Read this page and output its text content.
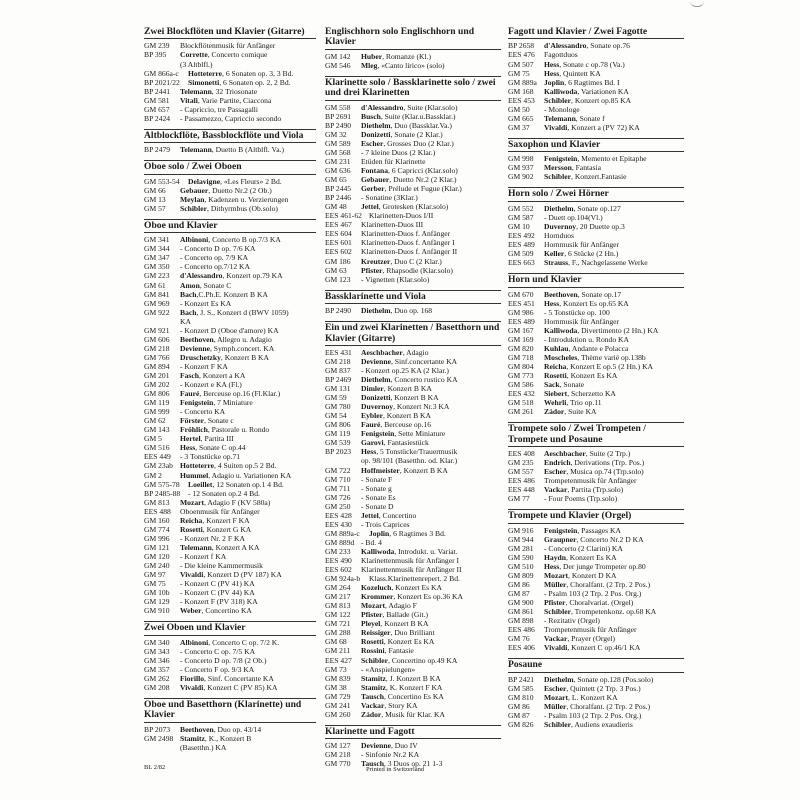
Zwei Blockflöten und Klavier (Gitarre)
GM 239	Blockflötenmusik für Anfänger
BP 395	Corrette, Concerto comique
(3 Altblfl.)
GM 866a-c	Hotteterre, 6 Sonaten op. 3, 3 Bd.
BP 2021/22	Simonetti, 6 Sonaten op. 2, 2 Bd.
BP 2441	Telemann, 32 Triosonate
GM 581	Vitali, Varie Partite, Ciaccona
GM 657	- Capriccio, tre Passagalli
BP 2424	- Passamezzo, Capriccio secondo
Altblockflöte, Bassblockflöte und Viola
BP 2479	Telemann, Duetto B (Altblfl. Va.)
Oboe solo / Zwei Oboen
GM 553-54	Delavigne, «Les Fleurs» 2 Bd.
GM 66	Gebauer, Duetto Nr.2 (2 Ob.)
GM 13	Meylan, Kadenzen u. Verzierungen
GM 57	Schibler, Dithyrmbus (Ob.solo)
Oboe und Klavier
GM 341	Albinoni, Concerto B op.7/3 KA
GM 344	- Concerto D op. 7/6 KA
GM 347	- Concerto op. 7/9 KA
GM 350	- Concerto op.7/12 KA
GM 223	d'Alessandro, Konzert op.79 KA
GM 61	Amon, Sonate C
GM 841	Bach,C.Ph.E. Konzert B KA
GM 969	- Konzert Es KA
GM 922	Bach, J. S., Konzert d (BWV 1059)
KA
GM 921	- Konzert D (Oboe d'amore) KA
GM 606	Beethoven, Allegro u. Adagio
GM 218	Devienne, Symph.concert. KA
GM 766	Druschetzky, Konzert B KA
GM 894	- Konzert F KA
GM 201	Fasch, Konzert a KA
GM 202	- Konzert e KA (Fl.)
GM 806	Fauré, Berceuse op.16 (Fl.Klar.)
GM 119	Fenigstein, 7 Miniature
GM 999	- Concerto KA
GM 62	Förster, Sonate c
GM 143	Fröhlich, Pastorale u. Rondo
GM 5	Hertel, Partita III
GM 516	Hess, Sonate C op.44
EES 449	- 3 Tonstücke op.71
GM 23ab Hotteterre, 4 Suiten op.5 2 Bd.
GM 2	Hummel, Adagio u. Variationen KA
GM 575-78	Loeillet, 12 Sonaten op.1 4 Bd.
BP 2485-88	- 12 Sonaten op.2 4 Bd.
GM 813	Mozart, Adagio F (KV 580a)
EES 488	Oboenmusik für Anfänger
GM 160	Reicha, Konzert F KA
GM 774	Rosetti, Konzert G KA
GM 996	- Konzert Nr. 2 F KA
GM 121	Telemann, Konzert A KA
GM 120	- Konzert f KA
GM 240	- Die kleine Kammermusik
GM 97	Vivaldi, Konzert D (PV 187) KA
GM 75	- Konzert C (PV 41) KA
GM 10b	- Konzert C (PV 44) KA
GM 129	- Konzert F (PV 318) KA
GM 910	Weber, Concertino KA
Zwei Oboen und Klavier
GM 340	Albinoni, Concerto C op. 7/2 K.
GM 343	- Concerto C op. 7/5 KA
GM 346	- Concerto D op. 7/8 (2 Ob.)
GM 357	- Concerto F op. 9/3 KA
GM 262	Fiorillo, Sinf. Concertante KA
GM 208	Vivaldi, Konzert C (PV 85) KA
Oboe und Basetthorn (Klarinette) und Klavier
BP 2073	Beethoven, Duo op. 43/14
GM 2498 Stamitz, K., Konzert B
(Basetthn.) KA
Englischhorn solo Englischhorn und Klavier
GM 142	Huber, Romanze (Kl.)
GM 546	Mleg, «Canto lirico» (solo)
Klarinette solo / Bassklarinette solo / zwei und drei Klarinetten
GM 558	d'Alessandro, Suite (Klar.solo)
BP 2691	Busch, Suite (Klar.u.Bassklar.)
BP 2490	Diethelm, Duo (Bassklar.Va.)
GM 32	Donizetti, Sonate (2 Klar.)
GM 589	Escher, Grosses Duo (2 Klar.)
GM 568	- 7 kleine Duos (2 Klar.)
GM 231	Etüden für Klarinette
GM 636	Fontana, 6 Capricci (Klar.solo)
GM 65	Gebauer, Duetto Nr.2 (2 Klar.)
BP 2445	Gerber, Prélude et Fugue (Klar.)
BP 2446	- Sonatine (3Klar.)
GM 48	Jettel, Grotesken (Klar.solo)
EES 461-62 Klarinetten-Duos I/II
EES 467	Klarinetten-Duos III
EES 604	Klarinetten-Duos f. Anfänger
EES 601	Klarinetten-Duos f. Anfänger I
EES 602	Klarinetten-Duos f. Anfänger II
GM 186	Kreutzer, Duo C (2 Klar.)
GM 63	Pfister, Rhapsodie (Klar.solo)
GM 123	- Vignetten (Klar.solo)
Bassklarinette und Viola
BP 2490	Diethelm, Duo op. 168
Ein und zwei Klarinetten / Basetthorn und Klavier (Gitarre)
EES 431	Aeschbacher, Adagio
GM 218	Devienne, Sinf.concertante KA
GM 837	- Konzert op.25 KA (2 Klar.)
BP 2469	Diethelm, Concerto rustico KA
GM 131	Dimler, Konzert B KA
GM 59	Donizetti, Konzert B KA
GM 780	Duvernoy, Konzert Nr.3 KA
GM 54	Eybler, Konzert B KA
GM 806	Fauré, Berceuse op.16
GM 119	Fenigstein, Sette Miniature
GM 539	Garovi, Fantasiestück
BP 2023	Hess, 5 Tonstücke/Trauermusik
op. 98/101 (Basetthn. od. Klar.)
GM 722	Hoffmeister, Konzert B KA
GM 710	- Sonate F
GM 711	- Sonate g
GM 726	- Sonate Es
GM 250	- Sonate D
EES 428	Jettel, Concertino
EES 430	- Trois Caprices
GM 889a-c	Joplin, 6 Ragtimes 3 Bd.
GM 889d - Bd. 4
GM 233	Kalliwoda, Introdukt. u. Variat.
EES 490	Klarinettenmusik für Anfänger I
EES 602	Klarinettenmusik für Anfänger II
GM 924a-b	Klass.Klarinettenrepert. 2 Bd.
GM 264	Kozeluch, Konzert Es KA
GM 217	Krommer, Konzert Es op.36 KA
GM 813	Mozart, Adagio F
GM 122	Pfister, Ballade (Git.)
GM 721	Pleyel, Konzert B KA
GM 288	Reissiger, Duo Brilliant
GM 68	Rosetti, Konzert Es KA
GM 211	Rossini, Fantasie
EES 427	Schibler, Concertino op.49 KA
GM 73	- «Anspielungen»
GM 839	Stamitz, J. Konzert B KA
GM 38	Stamitz, K. Konzert F KA
GM 729	Tausch, Concertino Es KA
GM 241	Vackar, Story KA
GM 260	Zádor, Musik für Klar. KA
Klarinette und Fagott
GM 127	Devienne, Duo IV
GM 218	- Sinfonie Nr.2 KA
GM 770	Tausch, 3 Duos op. 21 1-3
Fagott und Klavier / Zwei Fagotte
BP 2658	d'Alessandro, Sonate op.76
EES 476	Fagottduos
GM 507	Hess, Sonate c op.78 (Va.)
GM 75	Hess, Quintett KA
GM 889a Joplin, 6 Ragtimes Bd. I
GM 168	Kalliwoda, Variationen KA
EES 453	Schibler, Konzert op.85 KA
GM 50	- Monologe
GM 665	Telemann, Sonate f
GM 37	Vivaldi, Konzert a (PV 72) KA
Saxophon und Klavier
GM 998	Fenigstein, Memento et Epitaphe
GM 937	Mersson, Fantasia
GM 902	Schibler, Konzert.Fantasie
Horn solo / Zwei Hörner
GM 552	Diethelm, Sonate op.127
GM 587	- Duett op.104(Vl.)
GM 10	Duvernoy, 20 Duette op.3
EES 492	Hornduos
EES 489	Hornmusik für Anfänger
GM 509	Keller, 6 Stücke (2 Hn.)
EES 663	Strauss, F., Nachgelassene Werke
Horn und Klavier
GM 670	Beethoven, Sonate op.17
EES 451	Hess, Konzert Es op.65 KA
GM 986	- 5 Tonstücke op. 100
EES 489	Hornmusik für Anfänger
GM 167	Kalliwoda, Divertimento (2 Hn.) KA
GM 169	- Introduktion u. Rondo KA
GM 820	Kuhlau, Andante e Polacca
GM 718	Moscheles, Thème varié op.138b
GM 804	Reicha, Konzert E op.5 (2 Hn.) KA
GM 773	Rosetti, Konzert Es KA
GM 586	Sack, Sonate
EES 432	Siebert, Scherzetto KA
GM 518	Wehrli, Trio op.11
GM 261	Zádor, Suite KA
Trompete solo / Zwei Trompeten / Trompete und Posaune
EES 408	Aeschbacher, Suite (2 Trp.)
GM 235	Endrich, Derivations (Trp. Pos.)
GM 557	Escher, Musica op.74 (Trp.solo)
EES 486	Trompetenmusik für Anfänger
EES 448	Vackar, Partita (Trp.solo)
GM 77	- Four Poems (Trp.solo)
Trompete und Klavier (Orgel)
GM 916	Fenigstein, Passages KA
GM 944	Graupner, Concerto Nr.2 D KA
GM 281	- Concerto (2 Clarini) KA
GM 590	Haydn, Konzert Es KA
GM 510	Hess, Der junge Trompeter op.80
GM 809	Mozart, Konzert D KA
GM 86	Müller, Choralfant. (2 Trp. 2 Pos.)
GM 87	- Psalm 103 (2 Trp. 2 Pos. Org.)
GM 900	Pfister, Choralvariat. (Orgel)
GM 861	Schibler, Trompetenkonz. op.68 KA
GM 898	- Rezitativ (Orgel)
EES 486	Trompetenmusik für Anfänger
GM 76	Vackar, Prayer (Orgel)
EES 406	Vivaldi, Konzert C op.46/1 KA
Posaune
BP 2421	Diethelm, Sonate op.128 (Pos.solo)
GM 585	Escher, Quintett (2 Trp. 3 Pos.)
GM 810	Mozart, L. Konzert KA
GM 86	Müller, Choralfant. (2 Trp. 2 Pos.)
GM 87	- Psalm 103 (2 Trp. 2 Pos. Org.)
GM 826	Schibler, Audiens exaudieris
BL 2/82	Printed in Switzerland
